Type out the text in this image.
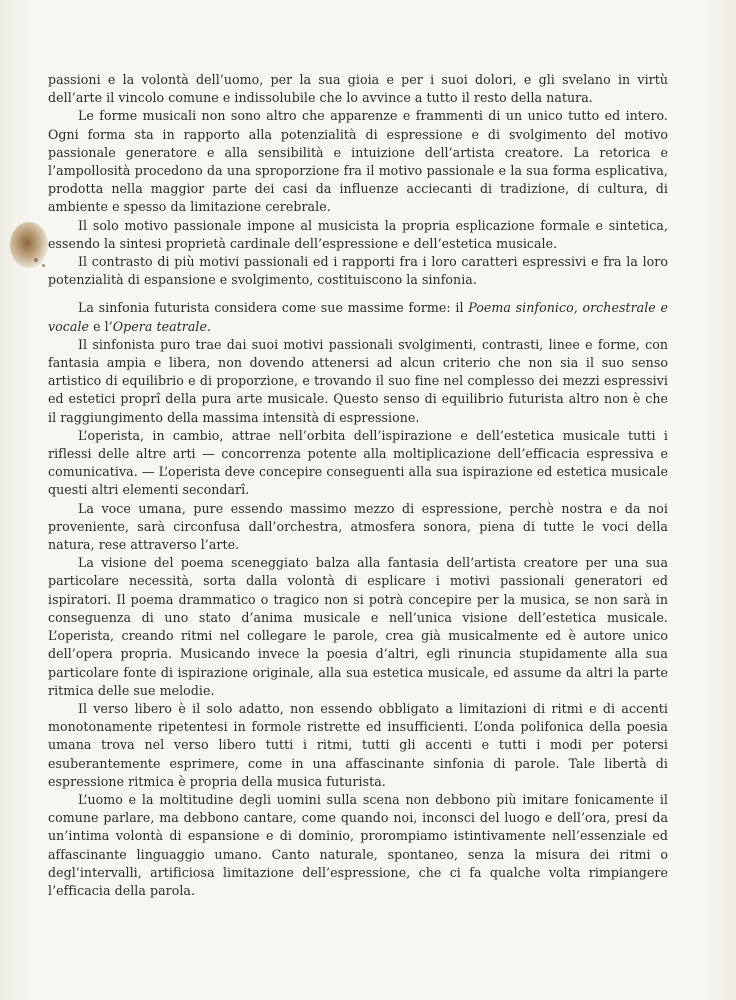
passioni e la volontà dell’uomo, per la sua gioia e per i suoi dolori, e gli svelano in virtù dell’arte il vincolo comune e indissolubile che lo avvince a tutto il resto della natura.

Le forme musicali non sono altro che apparenze e frammenti di un unico tutto ed intero. Ogni forma sta in rapporto alla potenzialità di espressione e di svolgimento del motivo passionale generatore e alla sensibilità e intuizione dell’artista creatore. La retorica e l’ampollosità procedono da una sproporzione fra il motivo passionale e la sua forma esplicativa, prodotta nella maggior parte dei casi da influenze acciecanti di tradizione, di cultura, di ambiente e spesso da limitazione cerebrale.

Il solo motivo passionale impone al musicista la propria esplicazione formale e sintetica, essendo la sintesi proprietà cardinale dell’espressione e dell’estetica musicale.

Il contrasto di più motivi passionali ed i rapporti fra i loro caratteri espressivi e fra la loro potenzialità di espansione e svolgimento, costituiscono la sinfonia.

La sinfonia futurista considera come sue massime forme: il Poema sinfonico, orchestrale e vocale e l’Opera teatrale.

Il sinfonista puro trae dai suoi motivi passionali svolgimenti, contrasti, linee e forme, con fantasia ampia e libera, non dovendo attenersi ad alcun criterio che non sia il suo senso artistico di equilibrio e di proporzione, e trovando il suo fine nel complesso dei mezzi espressivi ed estetici proprî della pura arte musicale. Questo senso di equilibrio futurista altro non è che il raggiungimento della massima intensità di espressione.

L’operista, in cambio, attrae nell’orbita dell’ispirazione e dell’estetica musicale tutti i riflessi delle altre arti — concorrenza potente alla moltiplicazione dell’efficacia espressiva e comunicativa. — L’operista deve concepire conseguenti alla sua ispirazione ed estetica musicale questi altri elementi secondarî.

La voce umana, pure essendo massimo mezzo di espressione, perchè nostra e da noi proveniente, sarà circonfusa dall’orchestra, atmosfera sonora, piena di tutte le voci della natura, rese attraverso l’arte.

La visione del poema sceneggiato balza alla fantasia dell’artista creatore per una sua particolare necessità, sorta dalla volontà di esplicare i motivi passionali generatori ed ispiratori. Il poema drammatico o tragico non si potrà concepire per la musica, se non sarà in conseguenza di uno stato d’anima musicale e nell’unica visione dell’estetica musicale. L’operista, creando ritmi nel collegare le parole, crea già musicalmente ed è autore unico dell’opera propria. Musicando invece la poesia d’altri, egli rinuncia stupidamente alla sua particolare fonte di ispirazione originale, alla sua estetica musicale, ed assume da altri la parte ritmica delle sue melodie.

Il verso libero è il solo adatto, non essendo obbligato a limitazioni di ritmi e di accenti monotonamente ripetentesi in formole ristrette ed insufficienti. L’onda polifonica della poesia umana trova nel verso libero tutti i ritmi, tutti gli accenti e tutti i modi per potersi esuberantemente esprimere, come in una affascinante sinfonia di parole. Tale libertà di espressione ritmica è propria della musica futurista.

L’uomo e la moltitudine degli uomini sulla scena non debbono più imitare fonicamente il comune parlare, ma debbono cantare, come quando noi, inconsci del luogo e dell’ora, presi da un’intima volontà di espansione e di dominio, prorompiamo istintivamente nell’essenziale ed affascinante linguaggio umano. Canto naturale, spontaneo, senza la misura dei ritmi o degl’intervalli, artificiosa limitazione dell’espressione, che ci fa qualche volta rimpiangere l’efficacia della parola.
